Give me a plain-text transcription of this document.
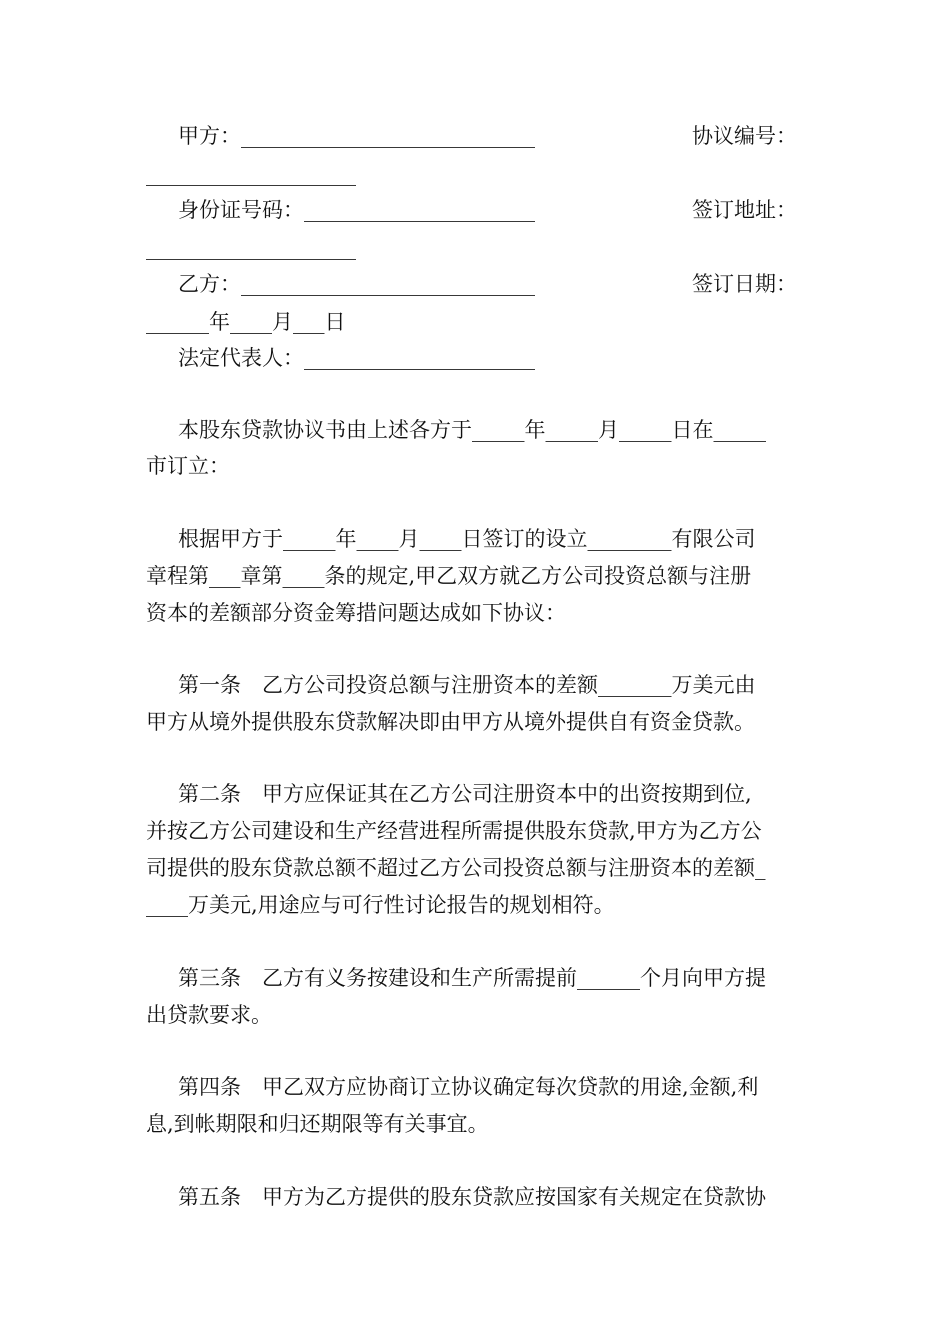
甲方：____________________________	协议编号：
____________________
身份证号码：______________________	签订地址：
____________________
乙方：____________________________	签订日期：
______年____月___日
法定代表人：______________________
本股东贷款协议书由上述各方于_____年_____月_____日在_____
市订立：
根据甲方于_____年____月____日签订的设立________有限公司
章程第___章第____条的规定,甲乙双方就乙方公司投资总额与注册
资本的差额部分资金筹措问题达成如下协议：
第一条　乙方公司投资总额与注册资本的差额_______万美元由
甲方从境外提供股东贷款解决即由甲方从境外提供自有资金贷款。
第二条　甲方应保证其在乙方公司注册资本中的出资按期到位,
并按乙方公司建设和生产经营进程所需提供股东贷款,甲方为乙方公
司提供的股东贷款总额不超过乙方公司投资总额与注册资本的差额_
____万美元,用途应与可行性讨论报告的规划相符。
第三条　乙方有义务按建设和生产所需提前______个月向甲方提
出贷款要求。
第四条　甲乙双方应协商订立协议确定每次贷款的用途,金额,利
息,到帐期限和归还期限等有关事宜。
第五条　甲方为乙方提供的股东贷款应按国家有关规定在贷款协
